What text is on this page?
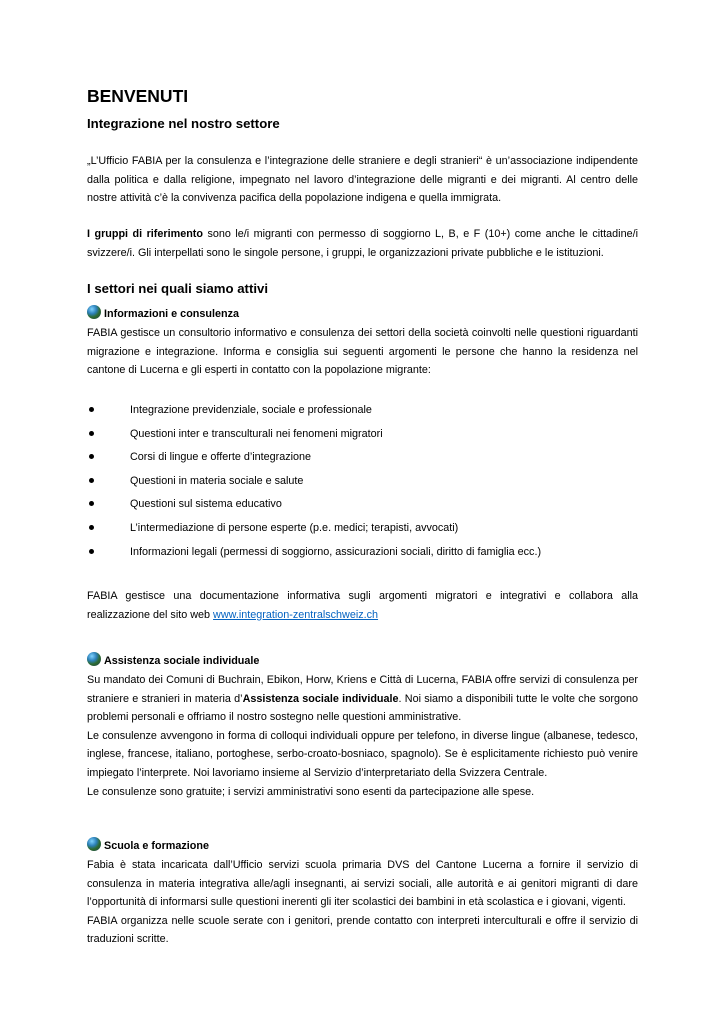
BENVENUTI

Integrazione nel nostro settore

„L’Ufficio FABIA per la consulenza e l’integrazione delle straniere e degli stranieri“ è un’associazione indipendente dalla politica e dalla religione, impegnato nel lavoro d’integrazione delle migranti e dei migranti. Al centro delle nostre attività c’è la convivenza pacifica della popolazione indigena e quella immigrata.

I gruppi di riferimento sono le/i migranti con permesso di soggiorno L, B, e F (10+) come anche le cittadine/i svizzere/i. Gli interpellati sono le singole persone, i gruppi, le organizzazioni private pubbliche e le istituzioni.

I settori nei quali siamo attivi

Informazioni e consulenza

FABIA gestisce un consultorio informativo e consulenza dei settori della società coinvolti nelle questioni riguardanti migrazione e integrazione. Informa e consiglia sui seguenti argomenti le persone che hanno la residenza nel cantone di Lucerna e gli esperti in contatto con la popolazione migrante:

Integrazione previdenziale, sociale e professionale
Questioni inter e transculturali nei fenomeni migratori
Corsi di lingue e offerte d’integrazione
Questioni in materia sociale e salute
Questioni sul sistema educativo
L’intermediazione di persone esperte (p.e. medici; terapisti, avvocati)
Informazioni legali (permessi di soggiorno, assicurazioni sociali, diritto di famiglia ecc.)

FABIA gestisce una documentazione informativa sugli argomenti migratori e integrativi e collabora alla realizzazione del sito web www.integration-zentralschweiz.ch

Assistenza sociale individuale

Su mandato dei Comuni di Buchrain, Ebikon, Horw, Kriens e Città di Lucerna, FABIA offre servizi di consulenza per straniere e stranieri in materia d’Assistenza sociale individuale. Noi siamo a disponibili tutte le volte che sorgono problemi personali e offriamo il nostro sostegno nelle questioni amministrative.
Le consulenze avvengono in forma di colloqui individuali oppure per telefono, in diverse lingue (albanese, tedesco, inglese, francese, italiano, portoghese, serbo-croato-bosniaco, spagnolo). Se è esplicitamente richiesto può venire impiegato l’interprete. Noi lavoriamo insieme al Servizio d’interpretariato della Svizzera Centrale.
Le consulenze sono gratuite; i servizi amministrativi sono esenti da partecipazione alle spese.

Scuola e formazione

Fabia è stata incaricata dall’Ufficio servizi scuola primaria DVS del Cantone Lucerna a fornire il servizio di consulenza in materia integrativa alle/agli insegnanti, ai servizi sociali, alle autorità e ai genitori migranti di dare l’opportunità di informarsi sulle questioni inerenti gli iter scolastici dei bambini in età scolastica e i giovani, vigenti.
FABIA organizza nelle scuole serate con i genitori, prende contatto con interpreti interculturali e offre il servizio di traduzioni scritte.
